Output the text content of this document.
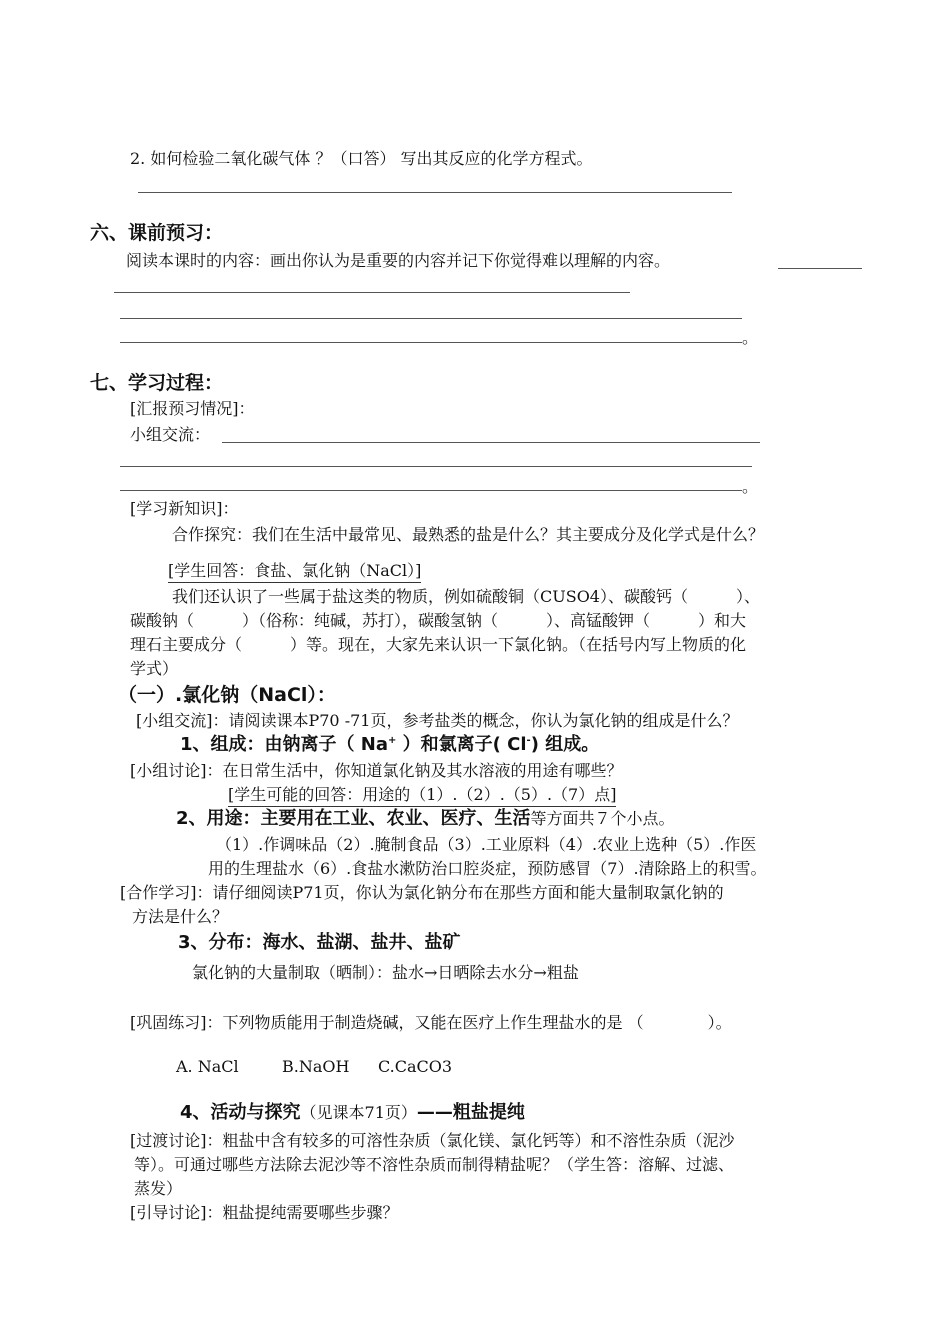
2. 如何检验二氧化碳气体 ？（口答） 写出其反应的化学方程式。
六、课前预习：
阅读本课时的内容：画出你认为是重要的内容并记下你觉得难以理解的内容。
。
七、学习过程：
[汇报预习情况]：
小组交流：
。
[学习新知识]：
合作探究：我们在生活中最常见、最熟悉的盐是什么？其主要成分及化学式是什么？
[学生回答：食盐、氯化钠（NaCl）]
我们还认识了一些属于盐这类的物质，例如硫酸铜（CUSO4）、碳酸钙（　　　）、
碳酸钠（　　　）（俗称：纯碱，苏打），碳酸氢钠（　　　）、高锰酸钾（　　　）和大
理石主要成分（　　　）等。现在，大家先来认识一下氯化钠。（在括号内写上物质的化
学式）
（一）.氯化钠（NaCl）：
[小组交流]：请阅读课本P70 -71页，参考盐类的概念，你认为氯化钠的组成是什么？
1、组成：由钠离子（ Na+ ）和氯离子( Cl-) 组成。
[小组讨论]：在日常生活中，你知道氯化钠及其水溶液的用途有哪些？
[学生可能的回答：用途的（1）.（2）.（5）.（7）点]
2、用途：主要用在工业、农业、医疗、生活等方面共７个小点。
（1）.作调味品（2）.腌制食品（3）.工业原料（4）.农业上选种（5）.作医
用的生理盐水（6）.食盐水漱防治口腔炎症，预防感冒（7）.清除路上的积雪。
[合作学习]：请仔细阅读P71页，你认为氯化钠分布在那些方面和能大量制取氯化钠的
方法是什么？
3、分布：海水、盐湖、盐井、盐矿
氯化钠的大量制取（晒制）：盐水→日晒除去水分→粗盐
[巩固练习]：下列物质能用于制造烧碱，又能在医疗上作生理盐水的是 （　　　　）。
A. NaCl	B.NaOH C.CaCO3
4、活动与探究（见课本71页）——粗盐提纯
[过渡讨论]：粗盐中含有较多的可溶性杂质（氯化镁、氯化钙等）和不溶性杂质（泥沙
等）。可通过哪些方法除去泥沙等不溶性杂质而制得精盐呢？（学生答：溶解、过滤、
蒸发）
[引导讨论]：粗盐提纯需要哪些步骤？
